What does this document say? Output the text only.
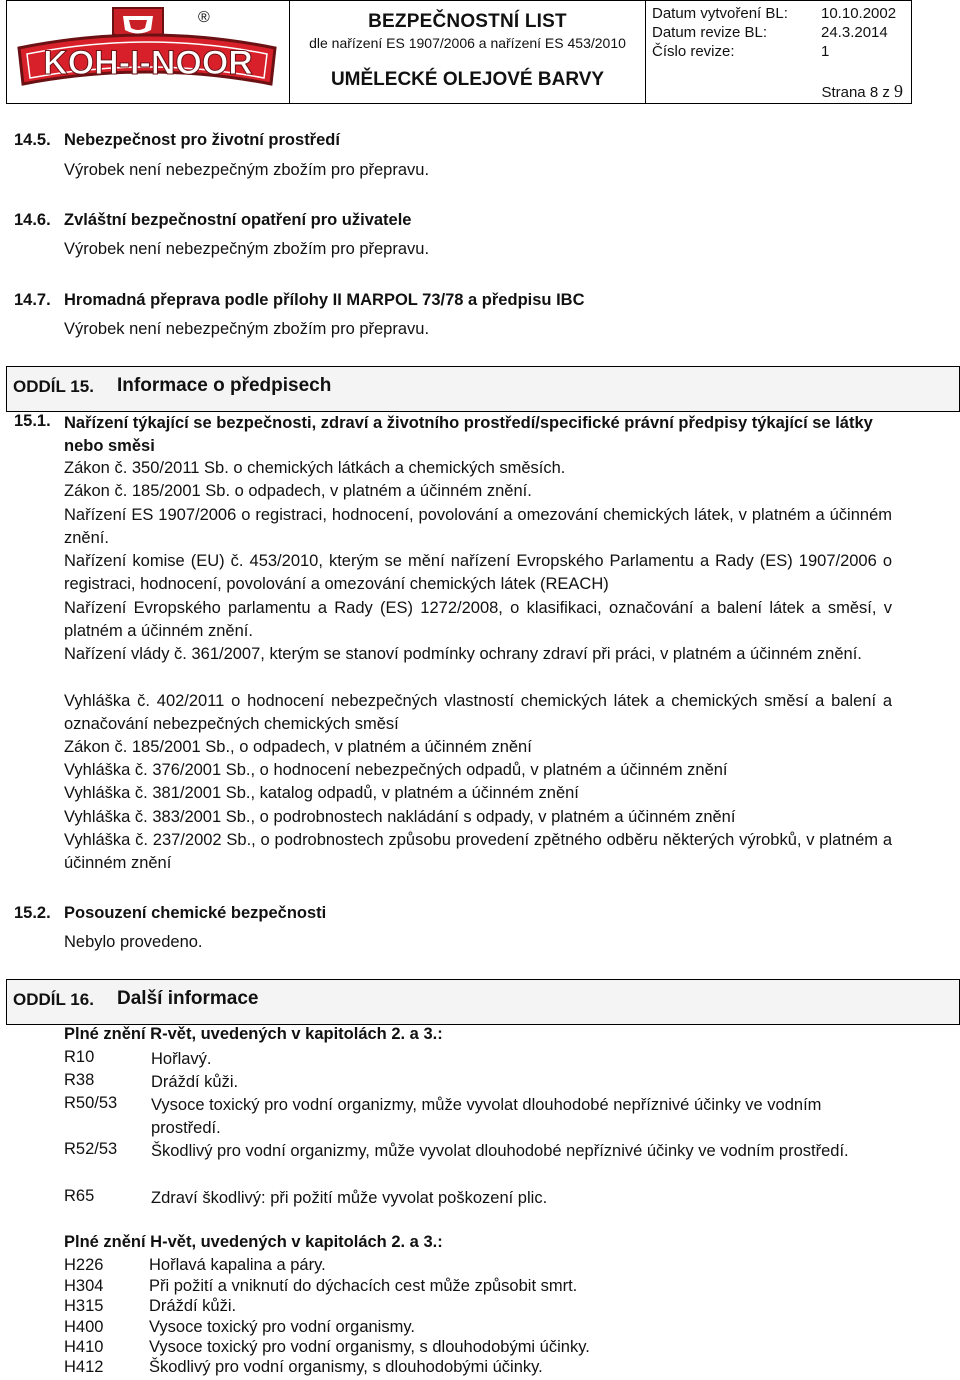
KOH-I-NOOR
®	BEZPEČNOSTNÍ LIST
dle nařízení ES 1907/2006 a nařízení ES 453/2010
UMĚLECKÉ OLEJOVÉ BARVY
Datum vytvoření BL: 10.10.2002
Datum revize BL:	24.3.2014
Číslo revize:	1
Strana 8 z 9
14.5. Nebezpečnost pro životní prostředí
Výrobek není nebezpečným zbožím pro přepravu.
14.6. Zvláštní bezpečnostní opatření pro uživatele
Výrobek není nebezpečným zbožím pro přepravu.
14.7. Hromadná přeprava podle přílohy II MARPOL 73/78 a předpisu IBC
Výrobek není nebezpečným zbožím pro přepravu.
ODDÍL 15. Informace o předpisech
15.1. Nařízení týkající se bezpečnosti, zdraví a životního prostředí/specifické právní předpisy týkající se látky nebo směsi
Zákon č. 350/2011 Sb. o chemických látkách a chemických směsích.
Zákon č. 185/2001 Sb. o odpadech, v platném a účinném znění.
Nařízení ES 1907/2006 o registraci, hodnocení, povolování a omezování chemických látek, v platném a účinném znění.
Nařízení komise (EU) č. 453/2010, kterým se mění nařízení Evropského Parlamentu a Rady (ES) 1907/2006 o registraci, hodnocení, povolování a omezování chemických látek (REACH)
Nařízení Evropského parlamentu a Rady (ES) 1272/2008, o klasifikaci, označování a balení látek a směsí, v platném a účinném znění.
Nařízení vlády č. 361/2007, kterým se stanoví podmínky ochrany zdraví při práci, v platném a účinném znění.
Vyhláška č. 402/2011 o hodnocení nebezpečných vlastností chemických látek a chemických směsí a balení a označování nebezpečných chemických směsí
Zákon č. 185/2001 Sb., o odpadech, v platném a účinném znění
Vyhláška č. 376/2001 Sb., o hodnocení nebezpečných odpadů, v platném a účinném znění
Vyhláška č. 381/2001 Sb., katalog odpadů, v platném a účinném znění
Vyhláška č. 383/2001 Sb., o podrobnostech nakládání s odpady, v platném a účinném znění
Vyhláška č. 237/2002 Sb., o podrobnostech způsobu provedení zpětného odběru některých výrobků, v platném a účinném znění
15.2. Posouzení chemické bezpečnosti
Nebylo provedeno.
ODDÍL 16. Další informace
Plné znění R-vět, uvedených v kapitolách 2. a 3.:
R10	Hořlavý.
R38	Dráždí kůži.
R50/53 Vysoce toxický pro vodní organizmy, může vyvolat dlouhodobé nepříznivé účinky ve vodním prostředí.
R52/53 Škodlivý pro vodní organizmy, může vyvolat dlouhodobé nepříznivé účinky ve vodním prostředí.
R65	Zdraví škodlivý: při požití může vyvolat poškození plic.
Plné znění H-vět, uvedených v kapitolách 2. a 3.:
H226	Hořlavá kapalina a páry.
H304	Při požití a vniknutí do dýchacích cest může způsobit smrt.
H315	Dráždí kůži.
H400	Vysoce toxický pro vodní organismy.
H410	Vysoce toxický pro vodní organismy, s dlouhodobými účinky.
H412	Škodlivý pro vodní organismy, s dlouhodobými účinky.
